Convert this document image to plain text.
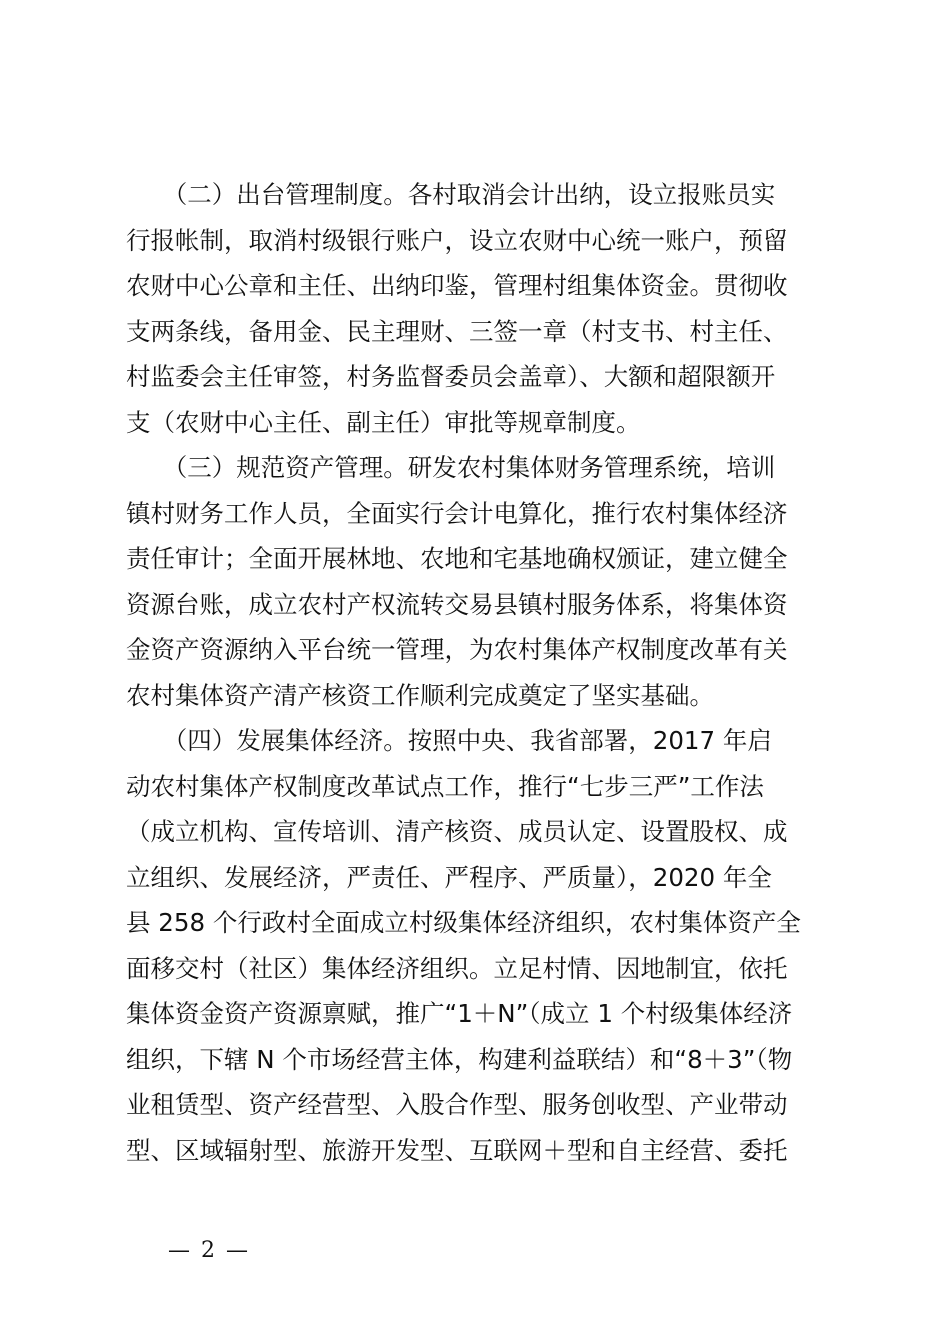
　　（二）出台管理制度。各村取消会计出纳，设立报账员实
行报帐制，取消村级银行账户，设立农财中心统一账户，预留
农财中心公章和主任、出纳印鉴，管理村组集体资金。贯彻收
支两条线，备用金、民主理财、三签一章（村支书、村主任、
村监委会主任审签，村务监督委员会盖章）、大额和超限额开
支（农财中心主任、副主任）审批等规章制度。
　　（三）规范资产管理。研发农村集体财务管理系统，培训
镇村财务工作人员，全面实行会计电算化，推行农村集体经济
责任审计；全面开展林地、农地和宅基地确权颁证，建立健全
资源台账，成立农村产权流转交易县镇村服务体系，将集体资
金资产资源纳入平台统一管理，为农村集体产权制度改革有关
农村集体资产清产核资工作顺利完成奠定了坚实基础。
　　（四）发展集体经济。按照中央、我省部署，2017 年启
动农村集体产权制度改革试点工作，推行“七步三严”工作法
（成立机构、宣传培训、清产核资、成员认定、设置股权、成
立组织、发展经济，严责任、严程序、严质量），2020 年全
县 258 个行政村全面成立村级集体经济组织，农村集体资产全
面移交村（社区）集体经济组织。立足村情、因地制宜，依托
集体资金资产资源禀赋，推广“1＋N”（成立 1 个村级集体经济
组织，下辖 N 个市场经营主体，构建利益联结）和“8＋3”（物
业租赁型、资产经营型、入股合作型、服务创收型、产业带动
型、区域辐射型、旅游开发型、互联网＋型和自主经营、委托
— 2 —
